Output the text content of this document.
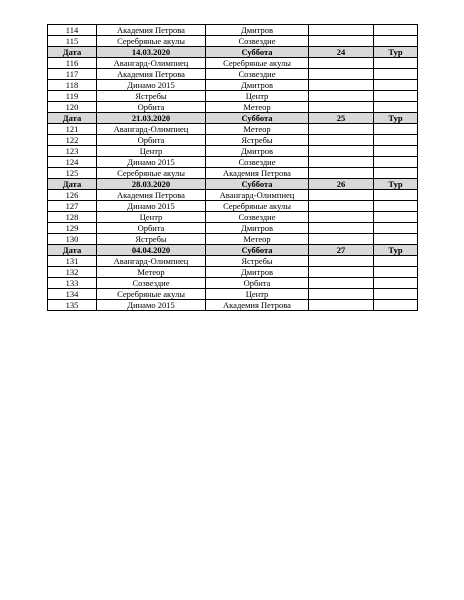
114	Академия Петрова	Дмитров		
115	Серебряные акулы	Созвездие		
Дата	14.03.2020	Суббота	24	Тур
116	Авангард-Олимпиец	Серебряные акулы		
117	Академия Петрова	Созвездие		
118	Динамо 2015	Дмитров		
119	Ястребы	Центр		
120	Орбита	Метеор		
Дата	21.03.2020	Суббота	25	Тур
121	Авангард-Олимпиец	Метеор		
122	Орбита	Ястребы		
123	Центр	Дмитров		
124	Динамо 2015	Созвездие		
125	Серебряные акулы	Академия Петрова		
Дата	28.03.2020	Суббота	26	Тур
126	Академия Петрова	Авангард-Олимпиец		
127	Динамо 2015	Серебряные акулы		
128	Центр	Созвездие		
129	Орбита	Дмитров		
130	Ястребы	Метеор		
Дата	04.04.2020	Суббота	27	Тур
131	Авангард-Олимпиец	Ястребы		
132	Метеор	Дмитров		
133	Созвездие	Орбита		
134	Серебряные акулы	Центр		
135	Динамо 2015	Академия Петрова		
